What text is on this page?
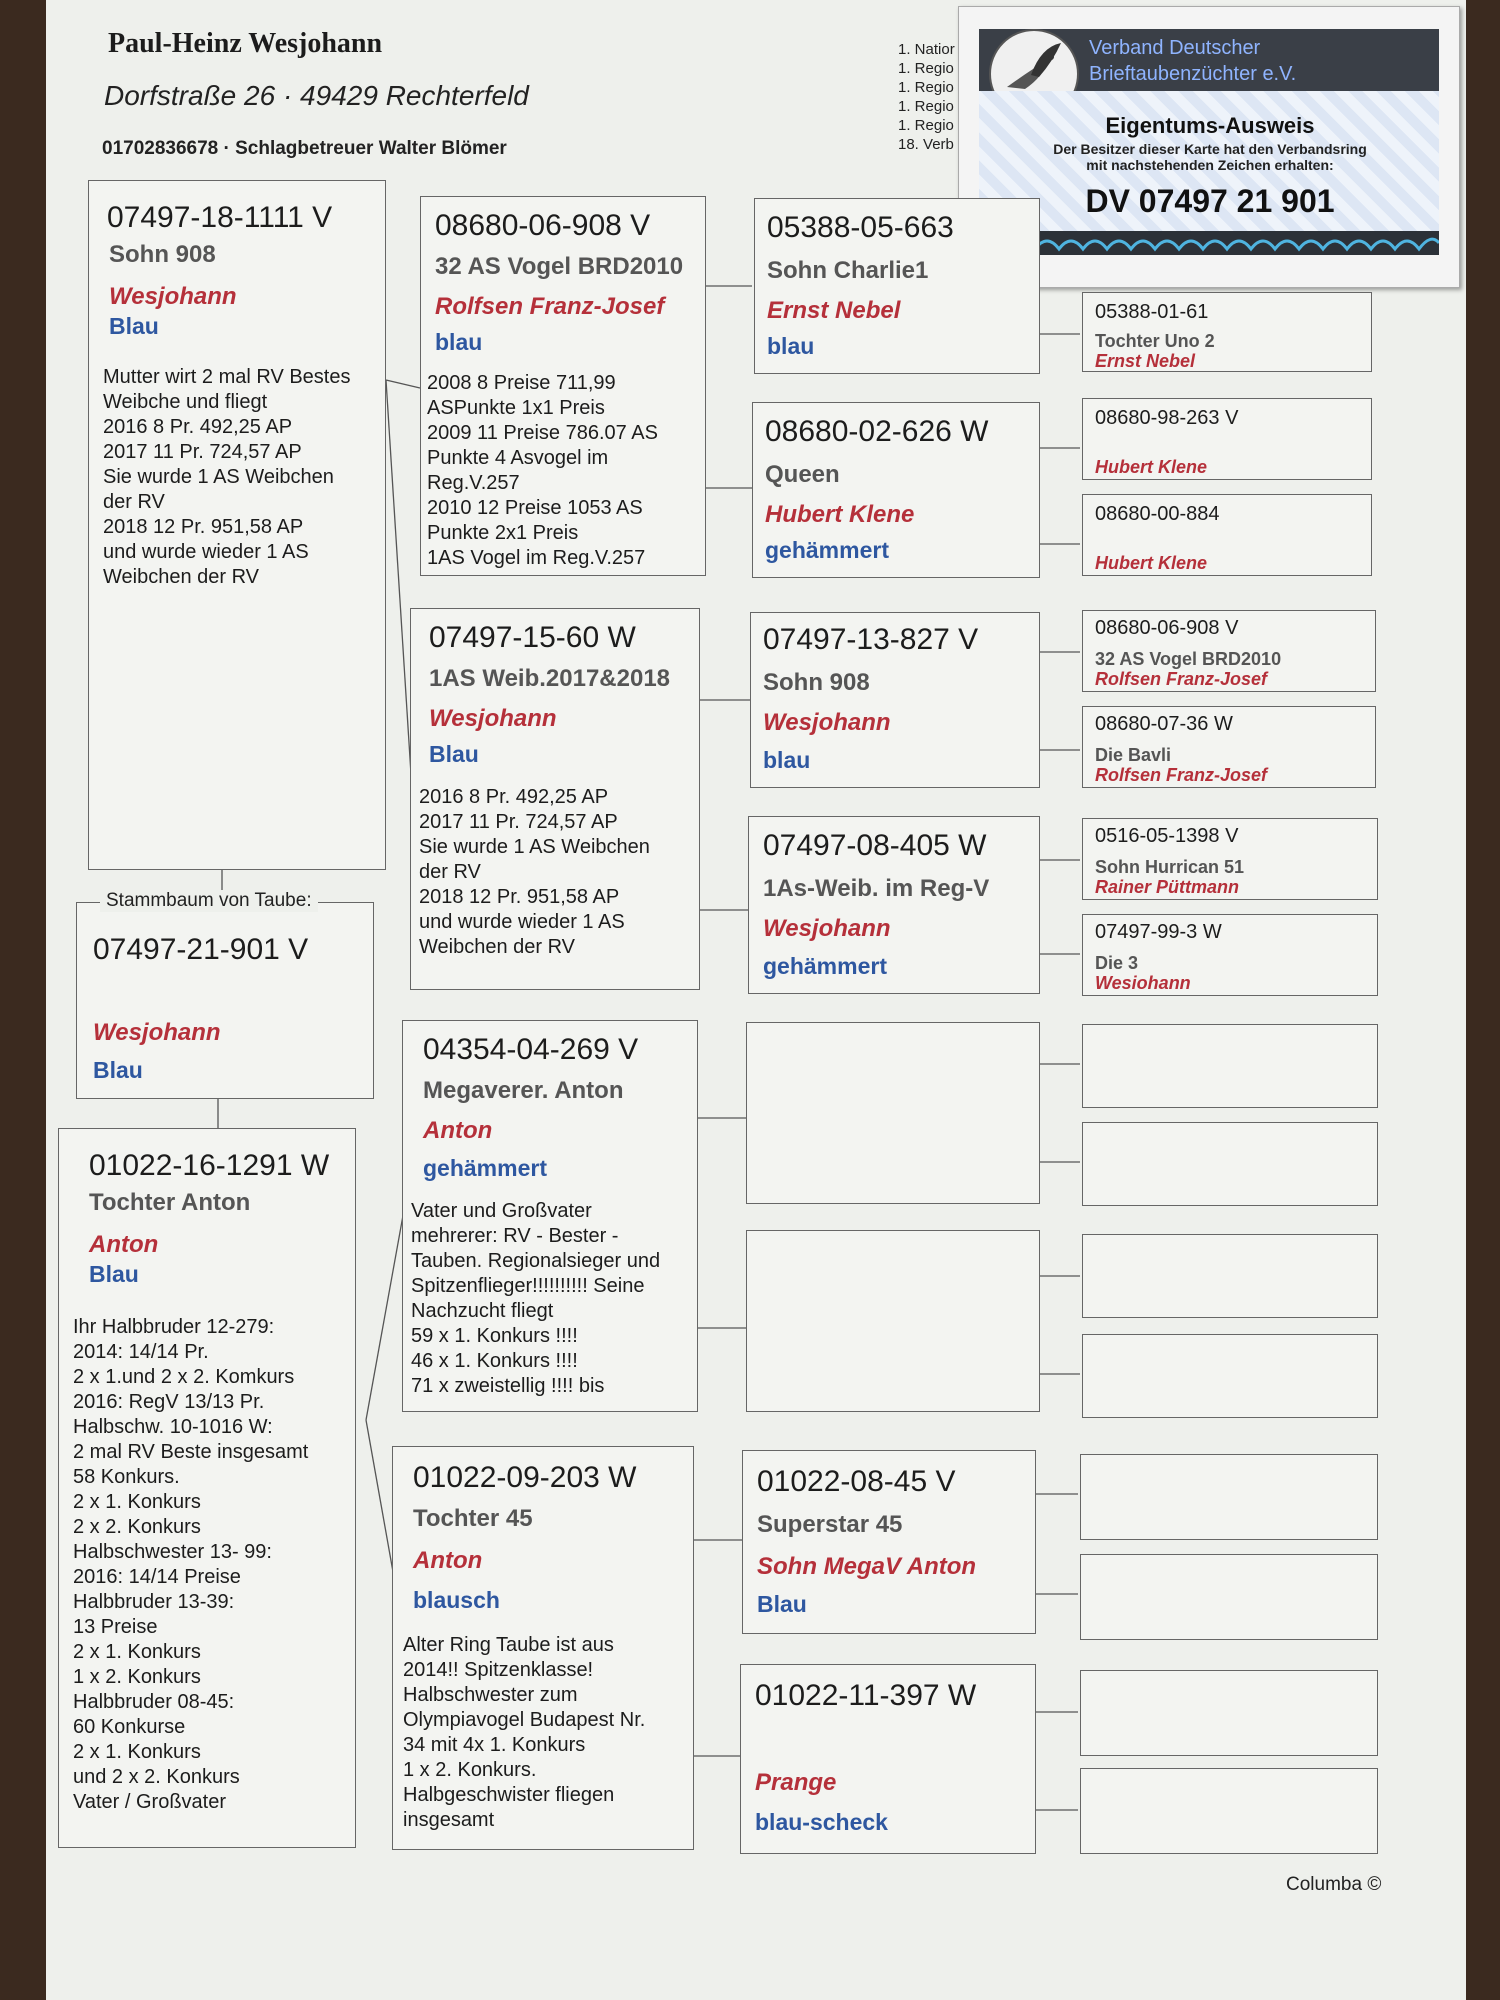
Paul-Heinz Wesjohann
Dorfstraße 26 · 49429 Rechterfeld
01702836678 · Schlagbetreuer Walter Blömer
1. Natior
1. Regio
1. Regio
1. Regio
1. Regio
18. Verb
Verband Deutscher
Brieftaubenzüchter e.V.
Eigentums-Ausweis
Der Besitzer dieser Karte hat den Verbandsring
mit nachstehenden Zeichen erhalten:
DV 07497 21 901
07497-18-1111 V
Sohn 908
Wesjohann
Blau
Mutter wirt 2 mal RV Bestes
Weibche und fliegt
2016 8 Pr. 492,25 AP
2017 11 Pr. 724,57 AP
Sie wurde 1 AS Weibchen
der RV
2018 12 Pr. 951,58 AP
und wurde wieder 1 AS
Weibchen der RV
Stammbaum von Taube:
07497-21-901 V
Wesjohann
Blau
01022-16-1291 W
Tochter Anton
Anton
Blau
Ihr Halbbruder 12-279:
2014: 14/14 Pr.
2 x 1.und 2 x 2. Komkurs
2016: RegV 13/13 Pr.
Halbschw. 10-1016 W:
2 mal RV Beste insgesamt
58 Konkurs.
2 x 1. Konkurs
2 x 2. Konkurs
Halbschwester 13- 99:
2016: 14/14 Preise
Halbbruder 13-39:
13 Preise
2 x 1. Konkurs
1 x 2. Konkurs
Halbbruder 08-45:
60 Konkurse
2 x 1. Konkurs
und 2 x 2. Konkurs
Vater / Großvater
08680-06-908 V
32 AS Vogel BRD2010
Rolfsen Franz-Josef
blau
2008 8 Preise 711,99
ASPunkte 1x1 Preis
2009 11 Preise 786.07 AS
Punkte 4 Asvogel im
Reg.V.257
2010 12 Preise 1053 AS
Punkte 2x1 Preis
1AS Vogel im Reg.V.257
07497-15-60 W
1AS Weib.2017&2018
Wesjohann
Blau
2016 8 Pr. 492,25 AP
2017 11 Pr. 724,57 AP
Sie wurde 1 AS Weibchen
der RV
2018 12 Pr. 951,58 AP
und wurde wieder 1 AS
Weibchen der RV
04354-04-269 V
Megaverer. Anton
Anton
gehämmert
Vater und Großvater
mehrerer: RV - Bester -
Tauben. Regionalsieger und
Spitzenflieger!!!!!!!!!! Seine
Nachzucht fliegt
59 x 1. Konkurs !!!!
46 x 1. Konkurs !!!!
71 x zweistellig !!!! bis
01022-09-203 W
Tochter 45
Anton
blausch
Alter Ring Taube ist aus
2014!! Spitzenklasse!
Halbschwester zum
Olympiavogel Budapest Nr.
34 mit 4x 1. Konkurs
1 x 2. Konkurs.
Halbgeschwister fliegen
insgesamt
05388-05-663
Sohn Charlie1
Ernst Nebel
blau
08680-02-626 W
Queen
Hubert Klene
gehämmert
07497-13-827 V
Sohn 908
Wesjohann
blau
07497-08-405 W
1As-Weib. im Reg-V
Wesjohann
gehämmert
01022-08-45 V
Superstar 45
Sohn MegaV Anton
Blau
01022-11-397 W
Prange
blau-scheck
05388-01-61
Tochter Uno 2
Ernst Nebel
08680-98-263 V
Hubert Klene
08680-00-884
Hubert Klene
08680-06-908 V
32 AS Vogel BRD2010
Rolfsen Franz-Josef
08680-07-36 W
Die Bavli
Rolfsen Franz-Josef
0516-05-1398 V
Sohn Hurrican 51
Rainer Püttmann
07497-99-3 W
Die 3
Wesiohann
Columba ©
